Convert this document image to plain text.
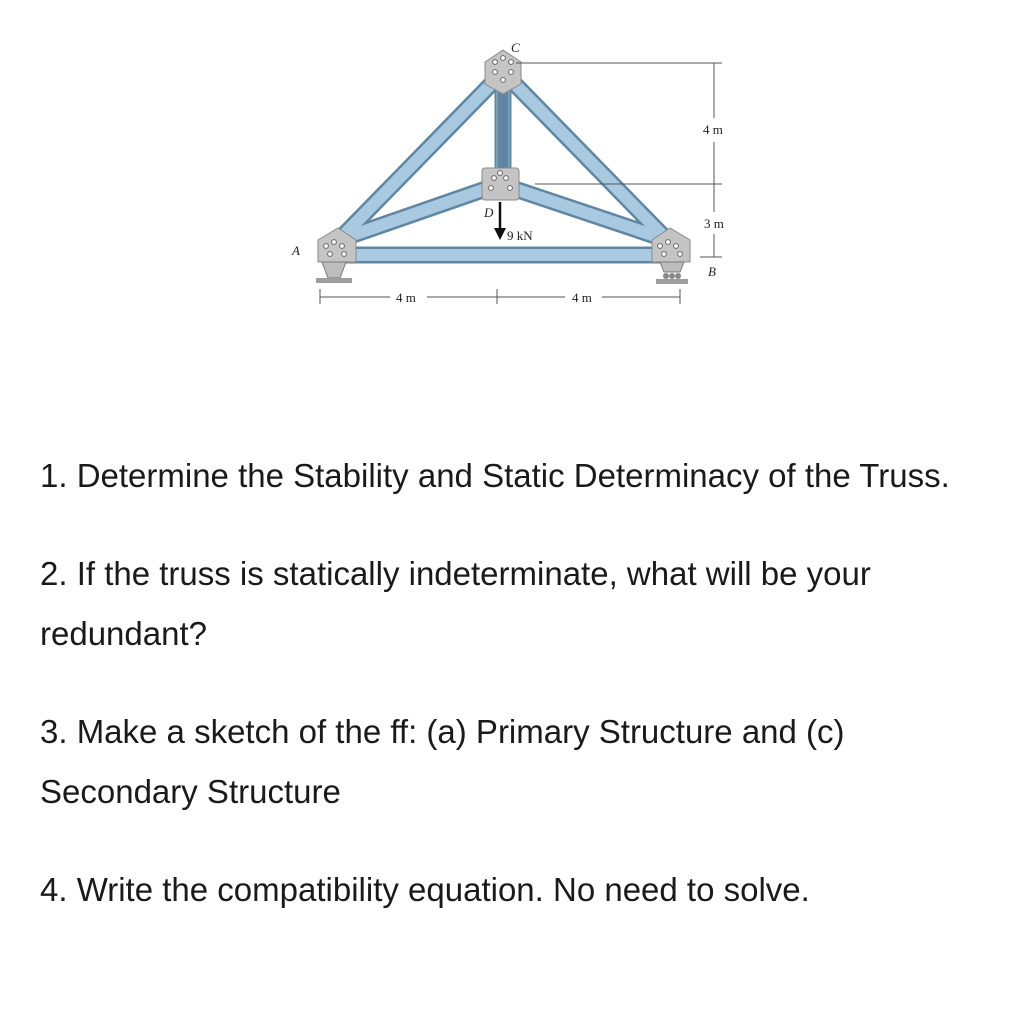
9 kN
C
D
A
B
4 m	4 m
4 m
3 m

1. Determine the Stability and Static Determinacy of the Truss.

2. If the truss is statically indeterminate, what will be your redundant?

3. Make a sketch of the ff: (a) Primary Structure and (c) Secondary Structure

4. Write the compatibility equation. No need to solve.
